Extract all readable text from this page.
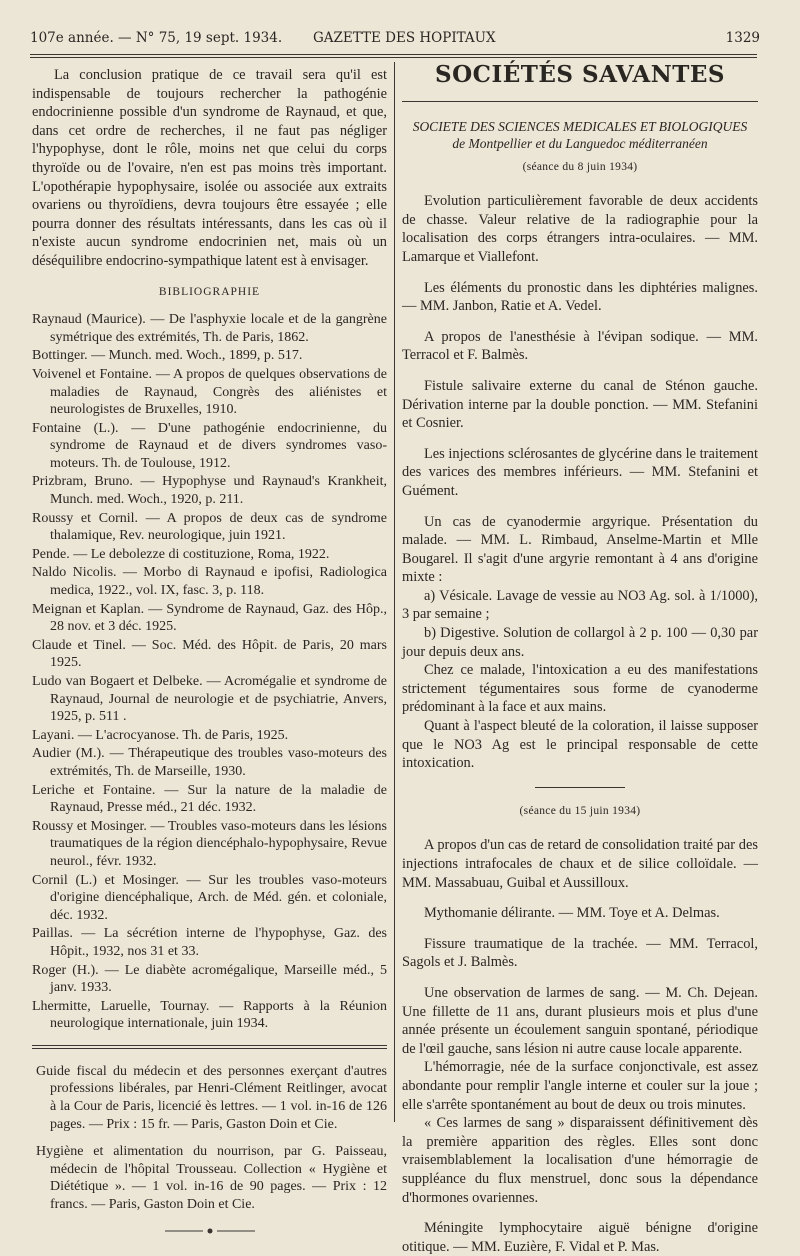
107e année. — N° 75, 19 sept. 1934. GAZETTE DES HOPITAUX	1329

La conclusion pratique de ce travail sera qu'il est indispensable de toujours rechercher la pathogénie endocrinienne possible d'un syndrome de Raynaud, et que, dans cet ordre de recherches, il ne faut pas négliger l'hypophyse, dont le rôle, moins net que celui du corps thyroïde ou de l'ovaire, n'en est pas moins très important. L'opothérapie hypophysaire, isolée ou associée aux extraits ovariens ou thyroïdiens, devra toujours être essayée ; elle pourra donner des résultats intéressants, dans les cas où il n'existe aucun syndrome endocrinien net, mais où un déséquilibre endocrino-sympathique latent est à envisager.

BIBLIOGRAPHIE

Raynaud (Maurice). — De l'asphyxie locale et de la gangrène symétrique des extrémités, Th. de Paris, 1862.

Bottinger. — Munch. med. Woch., 1899, p. 517.

Voivenel et Fontaine. — A propos de quelques observations de maladies de Raynaud, Congrès des aliénistes et neurologistes de Bruxelles, 1910.

Fontaine (L.). — D'une pathogénie endocrinienne, du syndrome de Raynaud et de divers syndromes vaso-moteurs. Th. de Toulouse, 1912.

Prizbram, Bruno. — Hypophyse und Raynaud's Krankheit, Munch. med. Woch., 1920, p. 211.

Roussy et Cornil. — A propos de deux cas de syndrome thalamique, Rev. neurologique, juin 1921.

Pende. — Le debolezze di costituzione, Roma, 1922.

Naldo Nicolis. — Morbo di Raynaud e ipofisi, Radiologica medica, 1922., vol. IX, fasc. 3, p. 118.

Meignan et Kaplan. — Syndrome de Raynaud, Gaz. des Hôp., 28 nov. et 3 déc. 1925.

Claude et Tinel. — Soc. Méd. des Hôpit. de Paris, 20 mars 1925.

Ludo van Bogaert et Delbeke. — Acromégalie et syndrome de Raynaud, Journal de neurologie et de psychiatrie, Anvers, 1925, p. 511 .

Layani. — L'acrocyanose. Th. de Paris, 1925.

Audier (M.). — Thérapeutique des troubles vaso-moteurs des extrémités, Th. de Marseille, 1930.

Leriche et Fontaine. — Sur la nature de la maladie de Raynaud, Presse méd., 21 déc. 1932.

Roussy et Mosinger. — Troubles vaso-moteurs dans les lésions traumatiques de la région diencéphalo-hypophysaire, Revue neurol., févr. 1932.

Cornil (L.) et Mosinger. — Sur les troubles vaso-moteurs d'origine diencéphalique, Arch. de Méd. gén. et coloniale, déc. 1932.

Paillas. — La sécrétion interne de l'hypophyse, Gaz. des Hôpit., 1932, nos 31 et 33.

Roger (H.). — Le diabète acromégalique, Marseille méd., 5 janv. 1933.

Lhermitte, Laruelle, Tournay. — Rapports à la Réunion neurologique internationale, juin 1934.

Guide fiscal du médecin et des personnes exerçant d'autres professions libérales, par Henri-Clément Reitlinger, avocat à la Cour de Paris, licencié ès lettres. — 1 vol. in-16 de 126 pages. — Prix : 15 fr. — Paris, Gaston Doin et Cie.

Hygiène et alimentation du nourrison, par G. Paisseau, médecin de l'hôpital Trousseau. Collection « Hygiène et Diététique ». — 1 vol. in-16 de 90 pages. — Prix : 12 francs. — Paris, Gaston Doin et Cie.

SOCIÉTÉS SAVANTES
SOCIETE DES SCIENCES MEDICALES ET BIOLOGIQUES
de Montpellier et du Languedoc méditerranéen
(séance du 8 juin 1934)

Evolution particulièrement favorable de deux accidents de chasse. Valeur relative de la radiographie pour la localisation des corps étrangers intra-oculaires. — MM. Lamarque et Viallefont.

Les éléments du pronostic dans les diphtéries malignes. — MM. Janbon, Ratie et A. Vedel.

A propos de l'anesthésie à l'évipan sodique. — MM. Terracol et F. Balmès.

Fistule salivaire externe du canal de Sténon gauche. Dérivation interne par la double ponction. — MM. Stefanini et Cosnier.

Les injections sclérosantes de glycérine dans le traitement des varices des membres inférieurs. — MM. Stefanini et Guément.

Un cas de cyanodermie argyrique. Présentation du malade. — MM. L. Rimbaud, Anselme-Martin et Mlle Bougarel. Il s'agit d'une argyrie remontant à 4 ans d'origine mixte :

a) Vésicale. Lavage de vessie au NO3 Ag. sol. à 1/1000), 3 par semaine ;

b) Digestive. Solution de collargol à 2 p. 100 — 0,30 par jour depuis deux ans.

Chez ce malade, l'intoxication a eu des manifestations strictement tégumentaires sous forme de cyanoderme prédominant à la face et aux mains.

Quant à l'aspect bleuté de la coloration, il laisse supposer que le NO3 Ag est le principal responsable de cette intoxication.

(séance du 15 juin 1934)

A propos d'un cas de retard de consolidation traité par des injections intrafocales de chaux et de silice colloïdale. — MM. Massabuau, Guibal et Aussilloux.

Mythomanie délirante. — MM. Toye et A. Delmas.

Fissure traumatique de la trachée. — MM. Terracol, Sagols et J. Balmès.

Une observation de larmes de sang. — M. Ch. Dejean. Une fillette de 11 ans, durant plusieurs mois et plus d'une année présente un écoulement sanguin spontané, périodique de l'œil gauche, sans lésion ni autre cause locale apparente.

L'hémorragie, née de la surface conjonctivale, est assez abondante pour remplir l'angle interne et couler sur la joue ; elle s'arrête spontanément au bout de deux ou trois minutes.

« Ces larmes de sang » disparaissent définitivement dès la première apparition des règles. Elles sont donc vraisemblablement la localisation d'une hémorragie de suppléance du flux menstruel, donc sous la dépendance d'hormones ovariennes.

Méningite lymphocytaire aiguë bénigne d'origine otitique. — MM. Euzière, F. Vidal et P. Mas.
